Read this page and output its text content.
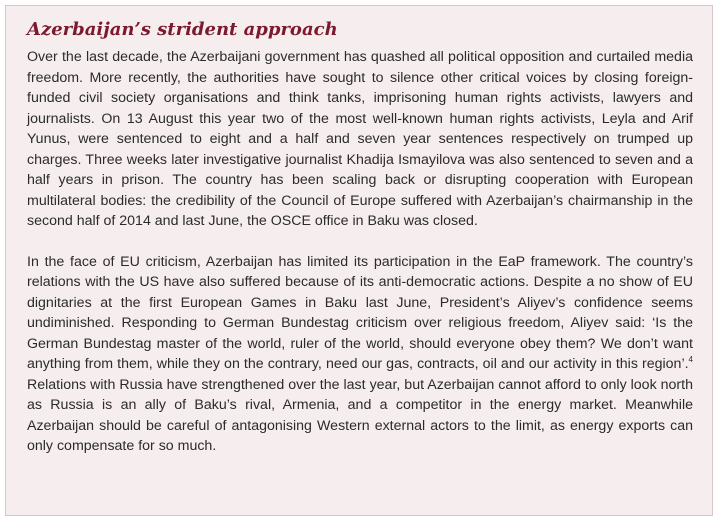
Azerbaijan’s strident approach

Over the last decade, the Azerbaijani government has quashed all political opposition and curtailed media freedom. More recently, the authorities have sought to silence other critical voices by closing foreign-funded civil society organisations and think tanks, imprisoning human rights activists, lawyers and journalists. On 13 August this year two of the most well-known human rights activists, Leyla and Arif Yunus, were sentenced to eight and a half and seven year sentences respectively on trumped up charges. Three weeks later investigative journalist Khadija Ismayilova was also sentenced to seven and a half years in prison. The country has been scaling back or disrupting cooperation with European multilateral bodies: the credibility of the Council of Europe suffered with Azerbaijan’s chairmanship in the second half of 2014 and last June, the OSCE office in Baku was closed.

In the face of EU criticism, Azerbaijan has limited its participation in the EaP framework. The country’s relations with the US have also suffered because of its anti-democratic actions. Despite a no show of EU dignitaries at the first European Games in Baku last June, President’s Aliyev’s confidence seems undiminished. Responding to German Bundestag criticism over religious freedom, Aliyev said: ‘Is the German Bundestag master of the world, ruler of the world, should everyone obey them? We don’t want anything from them, while they on the contrary, need our gas, contracts, oil and our activity in this region’.$^4$ Relations with Russia have strengthened over the last year, but Azerbaijan cannot afford to only look north as Russia is an ally of Baku’s rival, Armenia, and a competitor in the energy market. Meanwhile Azerbaijan should be careful of antagonising Western external actors to the limit, as energy exports can only compensate for so much.
